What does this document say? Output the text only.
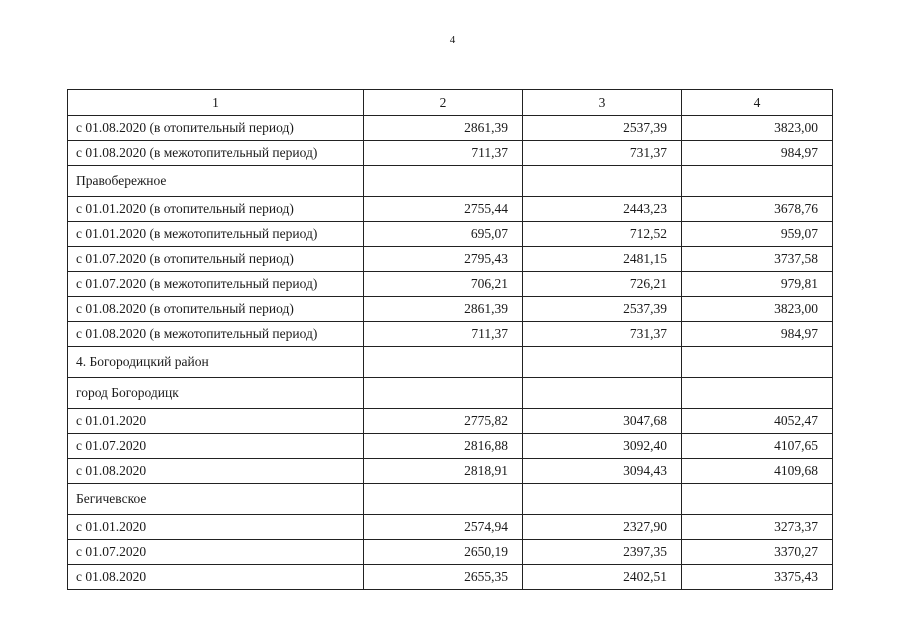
4
1	2	3	4
с 01.08.2020 (в отопительный период)	2861,39	2537,39	3823,00
с 01.08.2020 (в межотопительный период)	711,37	731,37	984,97
Правобережное			
с 01.01.2020 (в отопительный период)	2755,44	2443,23	3678,76
с 01.01.2020 (в межотопительный период)	695,07	712,52	959,07
с 01.07.2020 (в отопительный период)	2795,43	2481,15	3737,58
с 01.07.2020 (в межотопительный период)	706,21	726,21	979,81
с 01.08.2020 (в отопительный период)	2861,39	2537,39	3823,00
с 01.08.2020 (в межотопительный период)	711,37	731,37	984,97
4. Богородицкий район			
город Богородицк			
с 01.01.2020	2775,82	3047,68	4052,47
с 01.07.2020	2816,88	3092,40	4107,65
с 01.08.2020	2818,91	3094,43	4109,68
Бегичевское			
с 01.01.2020	2574,94	2327,90	3273,37
с 01.07.2020	2650,19	2397,35	3370,27
с 01.08.2020	2655,35	2402,51	3375,43
